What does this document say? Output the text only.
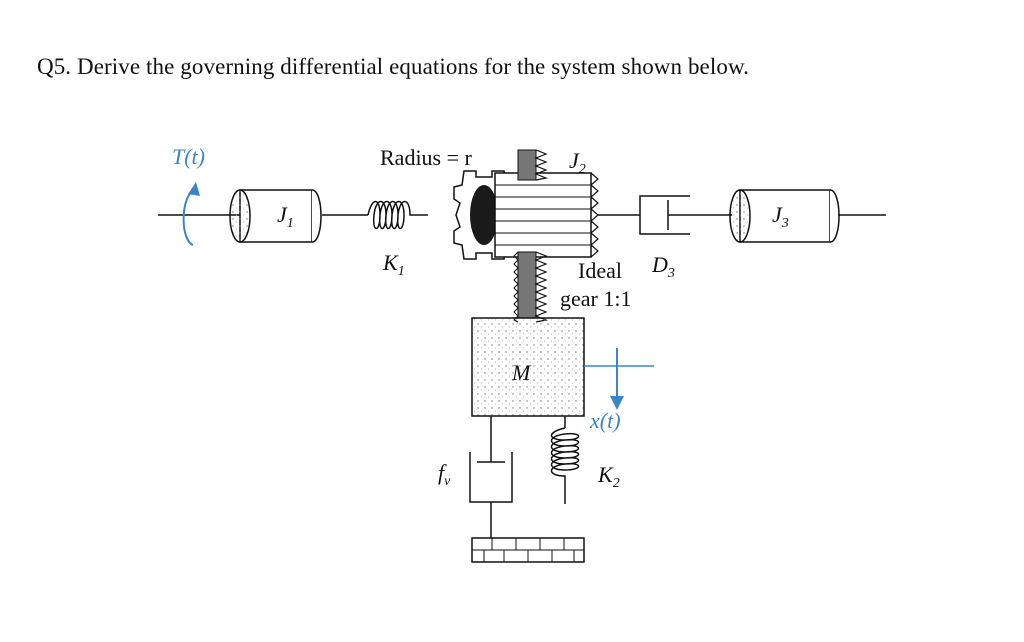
Q5. Derive the governing differential equations for the system shown below.
T(t)
$J_1$
$K_1$
Radius = r	$J_2$
$D_3$
$J_3$
Ideal
gear 1:1
M
x(t)
$f_v$	$K_2$
